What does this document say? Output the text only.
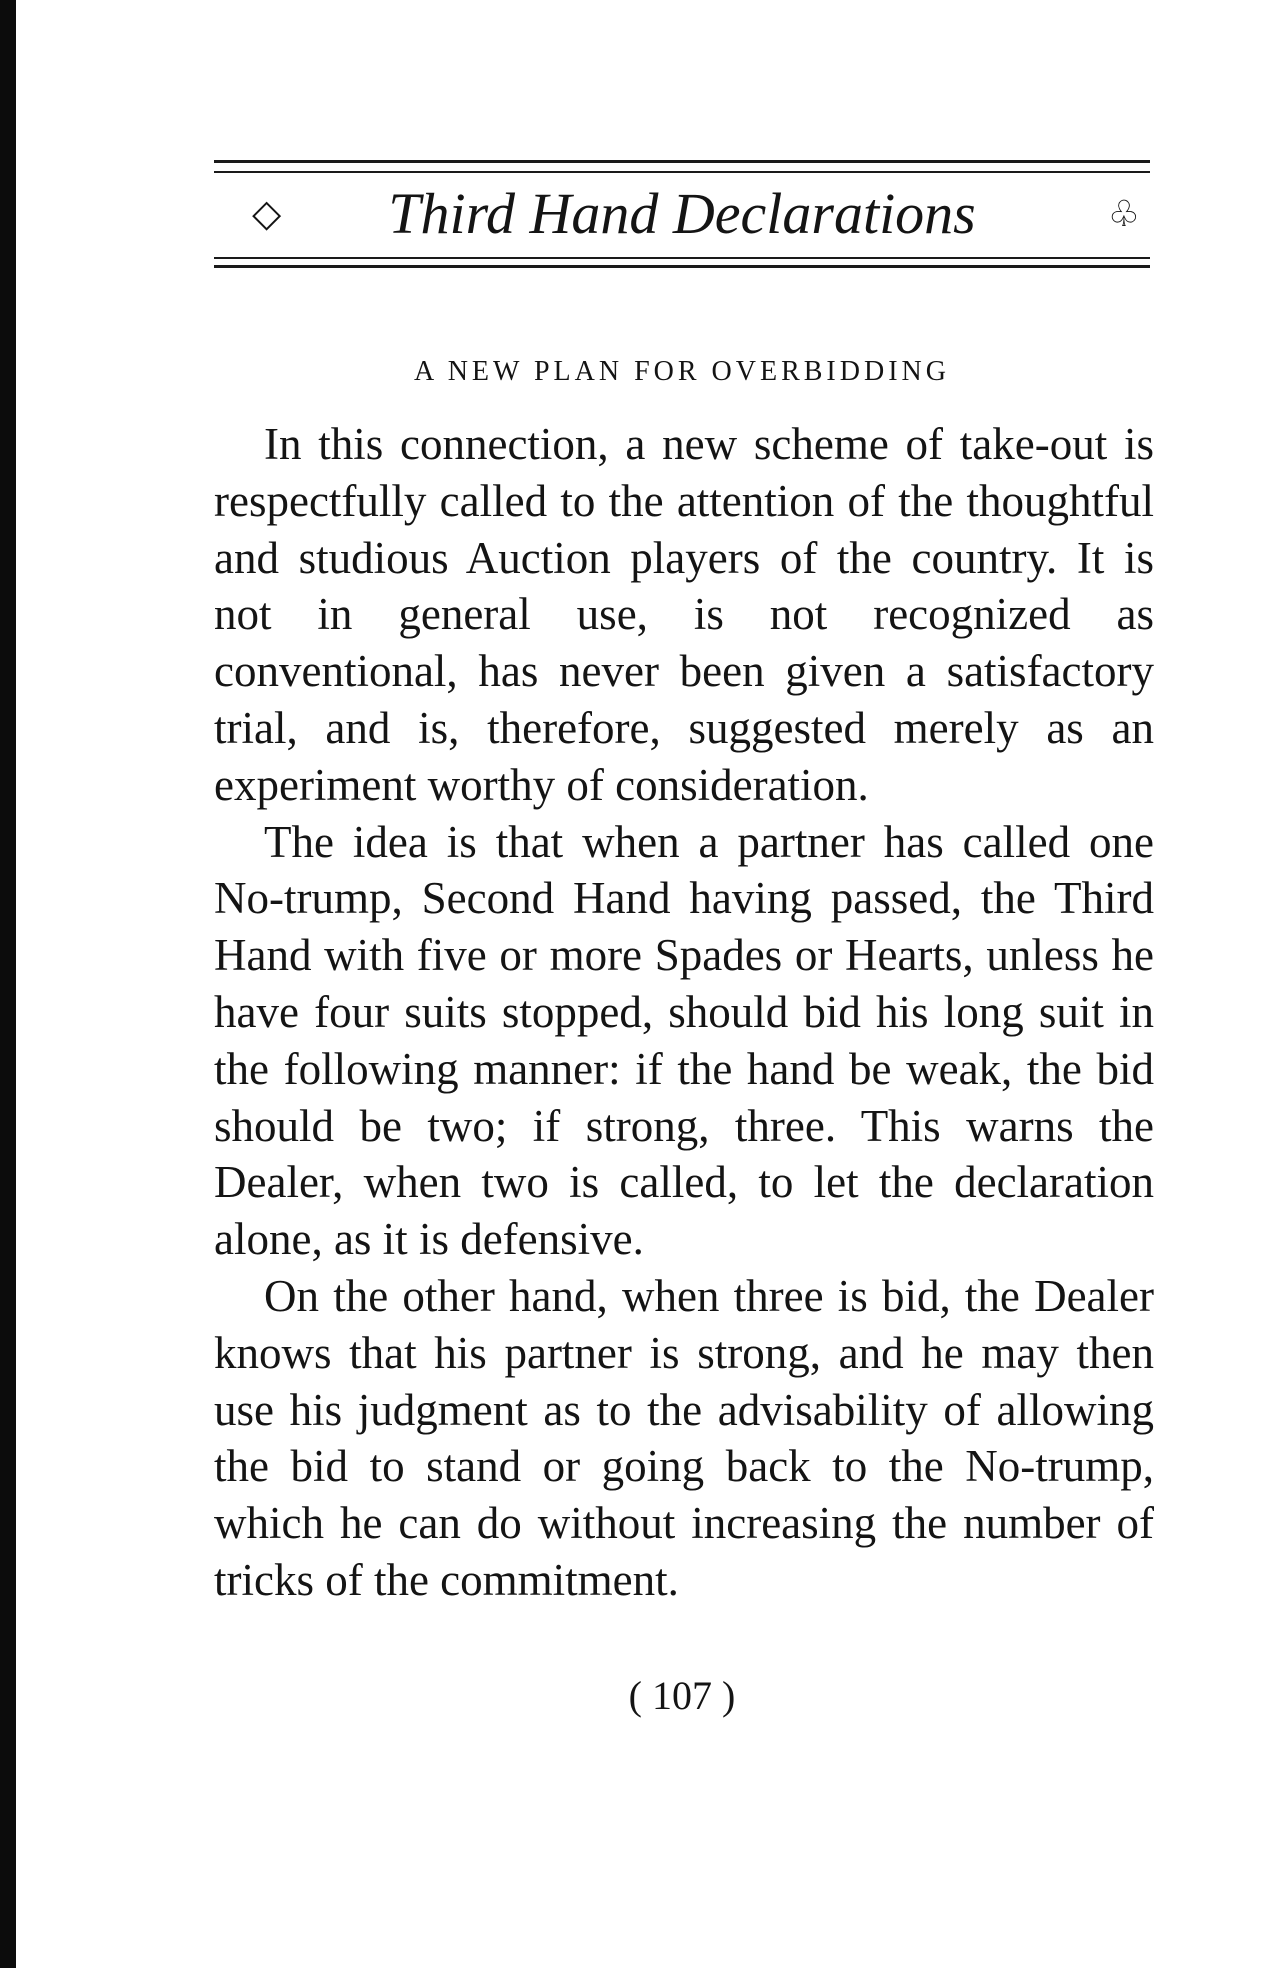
◇	Third Hand Declarations	♧
A NEW PLAN FOR OVERBIDDING

In this connection, a new scheme of take-out is respectfully called to the attention of the thoughtful and studious Auction players of the country. It is not in general use, is not recognized as conventional, has never been given a satisfactory trial, and is, therefore, suggested merely as an experiment worthy of consideration.

The idea is that when a partner has called one No-trump, Second Hand having passed, the Third Hand with five or more Spades or Hearts, unless he have four suits stopped, should bid his long suit in the following manner: if the hand be weak, the bid should be two; if strong, three. This warns the Dealer, when two is called, to let the declaration alone, as it is defensive.

On the other hand, when three is bid, the Dealer knows that his partner is strong, and he may then use his judgment as to the advisability of allowing the bid to stand or going back to the No-trump, which he can do without increasing the number of tricks of the commitment.

( 107 )
